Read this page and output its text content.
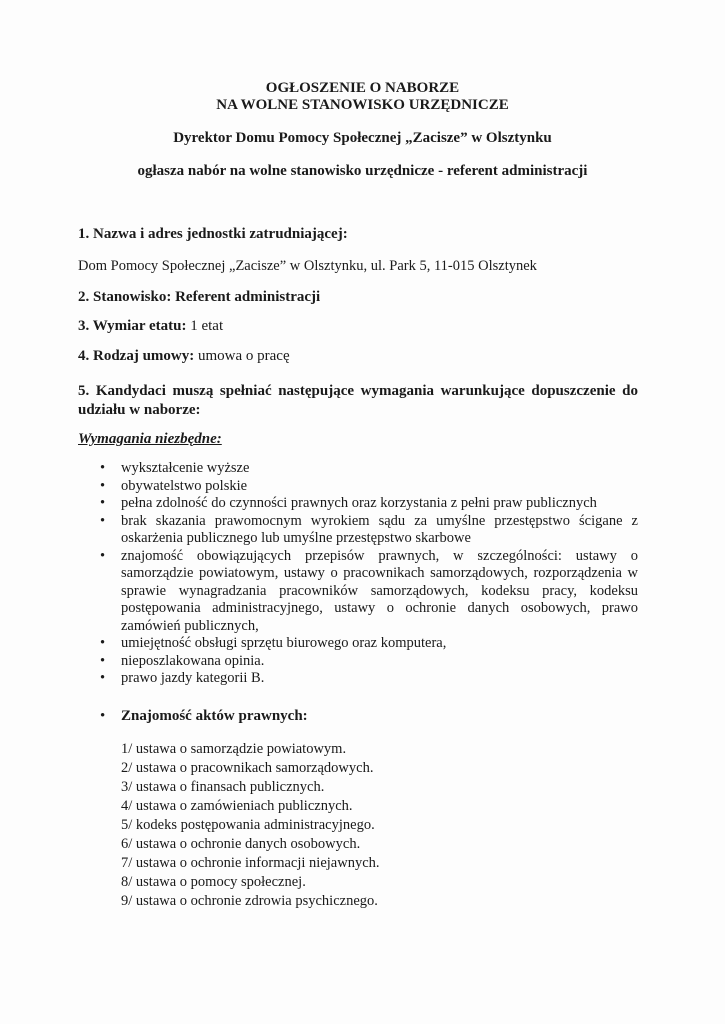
OGŁOSZENIE O NABORZE
NA WOLNE STANOWISKO URZĘDNICZE
Dyrektor Domu Pomocy Społecznej „Zacisze” w Olsztynku
ogłasza nabór na wolne stanowisko urzędnicze - referent administracji
1. Nazwa i adres jednostki zatrudniającej:
Dom Pomocy Społecznej „Zacisze” w Olsztynku, ul. Park 5, 11-015 Olsztynek
2. Stanowisko: Referent administracji
3. Wymiar etatu: 1 etat
4. Rodzaj umowy: umowa o pracę
5. Kandydaci muszą spełniać następujące wymagania warunkujące dopuszczenie do udziału w naborze:
Wymagania niezbędne:
• wykształcenie wyższe
• obywatelstwo polskie
• pełna zdolność do czynności prawnych oraz korzystania z pełni praw publicznych
• brak skazania prawomocnym wyrokiem sądu za umyślne przestępstwo ścigane z oskarżenia publicznego lub umyślne przestępstwo skarbowe
• znajomość obowiązujących przepisów prawnych, w szczególności: ustawy o samorządzie powiatowym, ustawy o pracownikach samorządowych, rozporządzenia w sprawie wynagradzania pracowników samorządowych, kodeksu pracy, kodeksu postępowania administracyjnego, ustawy o ochronie danych osobowych, prawo zamówień publicznych,
• umiejętność obsługi sprzętu biurowego oraz komputera,
• nieposzlakowana opinia.
• prawo jazdy kategorii B.
• Znajomość aktów prawnych:
1/ ustawa o samorządzie powiatowym.
2/ ustawa o pracownikach samorządowych.
3/ ustawa o finansach publicznych.
4/ ustawa o zamówieniach publicznych.
5/ kodeks postępowania administracyjnego.
6/ ustawa o ochronie danych osobowych.
7/ ustawa o ochronie informacji niejawnych.
8/ ustawa o pomocy społecznej.
9/ ustawa o ochronie zdrowia psychicznego.
